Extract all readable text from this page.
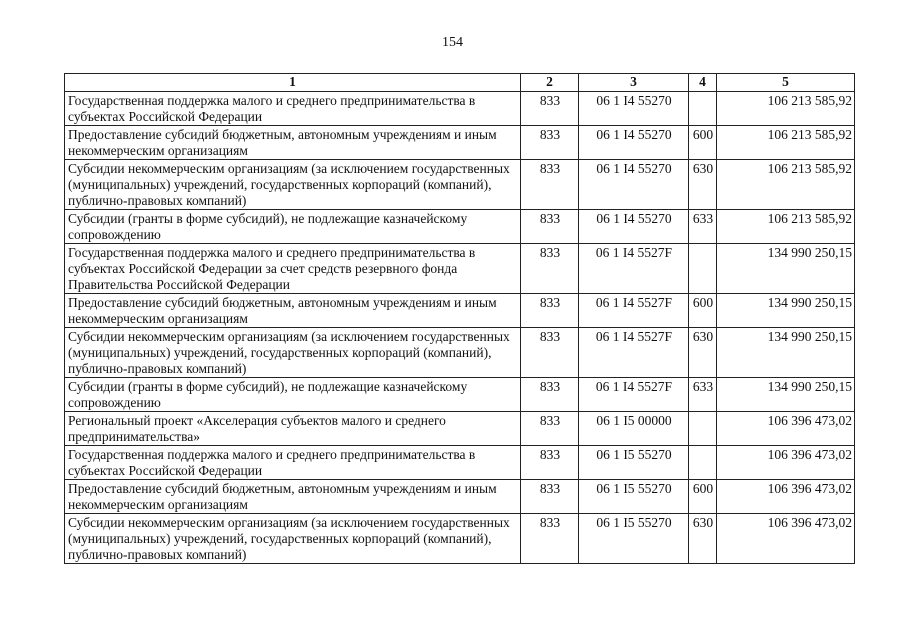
154
1	2	3	4	5
Государственная поддержка малого и среднего предпринимательства в субъектах Российской Федерации	833	06 1 I4 55270		106 213 585,92
Предоставление субсидий бюджетным, автономным учреждениям и иным некоммерческим организациям	833	06 1 I4 55270	600	106 213 585,92
Субсидии некоммерческим организациям (за исключением государственных (муниципальных) учреждений, государственных корпораций (компаний), публично-правовых компаний)	833	06 1 I4 55270	630	106 213 585,92
Субсидии (гранты в форме субсидий), не подлежащие казначейскому сопровождению	833	06 1 I4 55270	633	106 213 585,92
Государственная поддержка малого и среднего предпринимательства в субъектах Российской Федерации за счет средств резервного фонда Правительства Российской Федерации	833	06 1 I4 5527F		134 990 250,15
Предоставление субсидий бюджетным, автономным учреждениям и иным некоммерческим организациям	833	06 1 I4 5527F	600	134 990 250,15
Субсидии некоммерческим организациям (за исключением государственных (муниципальных) учреждений, государственных корпораций (компаний), публично-правовых компаний)	833	06 1 I4 5527F	630	134 990 250,15
Субсидии (гранты в форме субсидий), не подлежащие казначейскому сопровождению	833	06 1 I4 5527F	633	134 990 250,15
Региональный проект «Акселерация субъектов малого и среднего предпринимательства»	833	06 1 I5 00000		106 396 473,02
Государственная поддержка малого и среднего предпринимательства в субъектах Российской Федерации	833	06 1 I5 55270		106 396 473,02
Предоставление субсидий бюджетным, автономным учреждениям и иным некоммерческим организациям	833	06 1 I5 55270	600	106 396 473,02
Субсидии некоммерческим организациям (за исключением государственных (муниципальных) учреждений, государственных корпораций (компаний), публично-правовых компаний)	833	06 1 I5 55270	630	106 396 473,02
